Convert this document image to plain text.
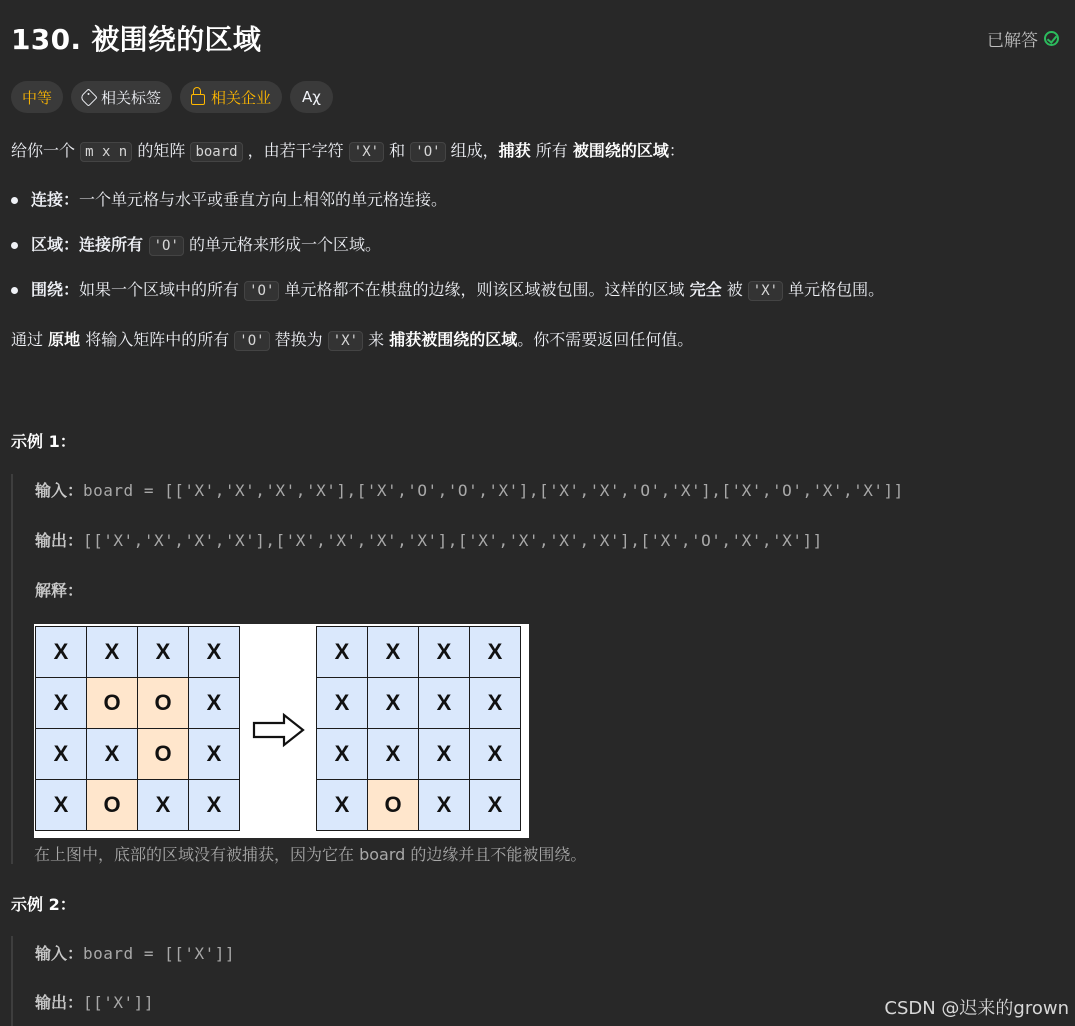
130. 被围绕的区域	已解答
中等	相关标签	相关企业	Aχ
给你一个 m x n 的矩阵 board ，由若干字符 'X' 和 'O' 组成，捕获 所有 被围绕的区域：
连接：一个单元格与水平或垂直方向上相邻的单元格连接。
区域：连接所有 'O' 的单元格来形成一个区域。
围绕：如果一个区域中的所有 'O' 单元格都不在棋盘的边缘，则该区域被包围。这样的区域 完全 被 'X' 单元格包围。
通过 原地 将输入矩阵中的所有 'O' 替换为 'X' 来 捕获被围绕的区域。你不需要返回任何值。
示例 1：
输入：board = [['X','X','X','X'],['X','O','O','X'],['X','X','O','X'],['X','O','X','X']]
输出：[['X','X','X','X'],['X','X','X','X'],['X','X','X','X'],['X','O','X','X']]
解释：
X	X	X	X
X	O	O	X
X	X	O	X
X	O	X	X
X	X	X	X
X	X	X	X
X	X	X	X
X	O	X	X
在上图中，底部的区域没有被捕获，因为它在 board 的边缘并且不能被围绕。
示例 2：
输入：board = [['X']]
输出：[['X']]	CSDN @迟来的grown
